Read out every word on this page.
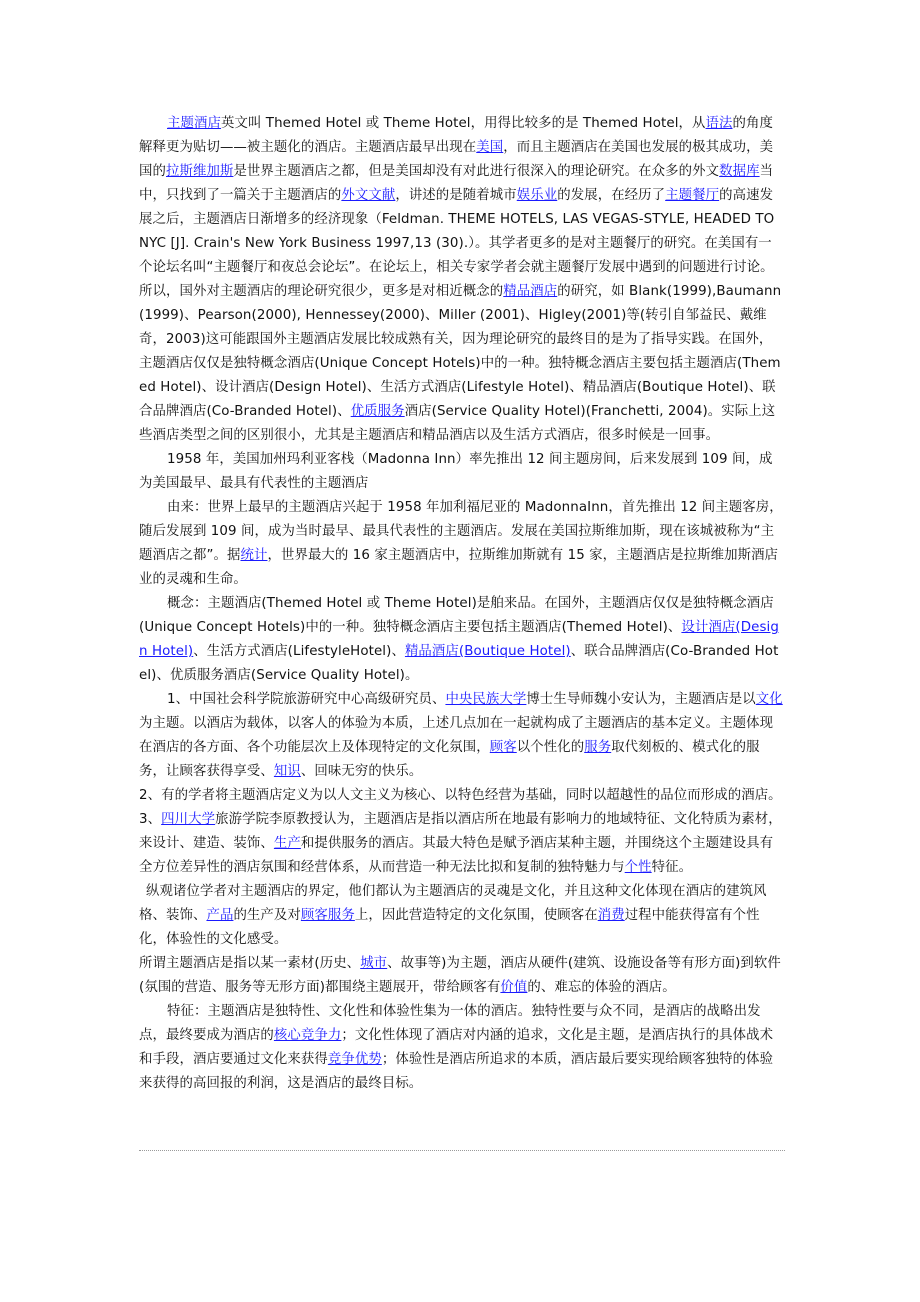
主题酒店英文叫 Themed Hotel 或 Theme Hotel，用得比较多的是 Themed Hotel，从语法的角度解释更为贴切——被主题化的酒店。主题酒店最早出现在美国，而且主题酒店在美国也发展的极其成功，美国的拉斯维加斯是世界主题酒店之都，但是美国却没有对此进行很深入的理论研究。在众多的外文数据库当中，只找到了一篇关于主题酒店的外文文献，讲述的是随着城市娱乐业的发展，在经历了主题餐厅的高速发展之后，主题酒店日渐增多的经济现象（Feldman. THEME HOTELS, LAS VEGAS-STYLE, HEADED TO NYC [J]. Crain's New York Business 1997,13 (30).）。其学者更多的是对主题餐厅的研究。在美国有一个论坛名叫“主题餐厅和夜总会论坛”。在论坛上，相关专家学者会就主题餐厅发展中遇到的问题进行讨论。所以，国外对主题酒店的理论研究很少，更多是对相近概念的精品酒店的研究，如 Blank(1999),Baumann(1999)、Pearson(2000), Hennessey(2000)、Miller (2001)、Higley(2001)等(转引自邹益民、戴维奇，2003)这可能跟国外主题酒店发展比较成熟有关，因为理论研究的最终目的是为了指导实践。在国外，主题酒店仅仅是独特概念酒店(Unique Concept Hotels)中的一种。独特概念酒店主要包括主题酒店(Themed Hotel)、设计酒店(Design Hotel)、生活方式酒店(Lifestyle Hotel)、精品酒店(Boutique Hotel)、联合品牌酒店(Co-Branded Hotel)、优质服务酒店(Service Quality Hotel)(Franchetti, 2004)。实际上这些酒店类型之间的区别很小，尤其是主题酒店和精品酒店以及生活方式酒店，很多时候是一回事。

1958 年，美国加州玛利亚客栈（Madonna Inn）率先推出 12 间主题房间，后来发展到 109 间，成为美国最早、最具有代表性的主题酒店

由来：世界上最早的主题酒店兴起于 1958 年加利福尼亚的 MadonnaInn，首先推出 12 间主题客房，随后发展到 109 间，成为当时最早、最具代表性的主题酒店。发展在美国拉斯维加斯，现在该城被称为“主题酒店之都”。据统计，世界最大的 16 家主题酒店中，拉斯维加斯就有 15 家，主题酒店是拉斯维加斯酒店业的灵魂和生命。

概念：主题酒店(Themed Hotel 或 Theme Hotel)是舶来品。在国外，主题酒店仅仅是独特概念酒店(Unique Concept Hotels)中的一种。独特概念酒店主要包括主题酒店(Themed Hotel)、设计酒店(Design Hotel)、生活方式酒店(LifestyleHotel)、精品酒店(Boutique Hotel)、联合品牌酒店(Co-Branded Hotel)、优质服务酒店(Service Quality Hotel)。

1、中国社会科学院旅游研究中心高级研究员、中央民族大学博士生导师魏小安认为，主题酒店是以文化为主题。以酒店为载体，以客人的体验为本质，上述几点加在一起就构成了主题酒店的基本定义。主题体现在酒店的各方面、各个功能层次上及体现特定的文化氛围，顾客以个性化的服务取代刻板的、模式化的服务，让顾客获得享受、知识、回味无穷的快乐。

2、有的学者将主题酒店定义为以人文主义为核心、以特色经营为基础，同时以超越性的品位而形成的酒店。

3、四川大学旅游学院李原教授认为，主题酒店是指以酒店所在地最有影响力的地域特征、文化特质为素材，来设计、建造、装饰、生产和提供服务的酒店。其最大特色是赋予酒店某种主题，并围绕这个主题建设具有全方位差异性的酒店氛围和经营体系，从而营造一种无法比拟和复制的独特魅力与个性特征。

纵观诸位学者对主题酒店的界定，他们都认为主题酒店的灵魂是文化，并且这种文化体现在酒店的建筑风格、装饰、产品的生产及对顾客服务上，因此营造特定的文化氛围，使顾客在消费过程中能获得富有个性化，体验性的文化感受。

所谓主题酒店是指以某一素材(历史、城市、故事等)为主题，酒店从硬件(建筑、设施设备等有形方面)到软件(氛围的营造、服务等无形方面)都围绕主题展开，带给顾客有价值的、难忘的体验的酒店。

特征：主题酒店是独特性、文化性和体验性集为一体的酒店。独特性要与众不同，是酒店的战略出发点，最终要成为酒店的核心竞争力；文化性体现了酒店对内涵的追求，文化是主题，是酒店执行的具体战术和手段，酒店要通过文化来获得竞争优势；体验性是酒店所追求的本质，酒店最后要实现给顾客独特的体验来获得的高回报的利润，这是酒店的最终目标。
